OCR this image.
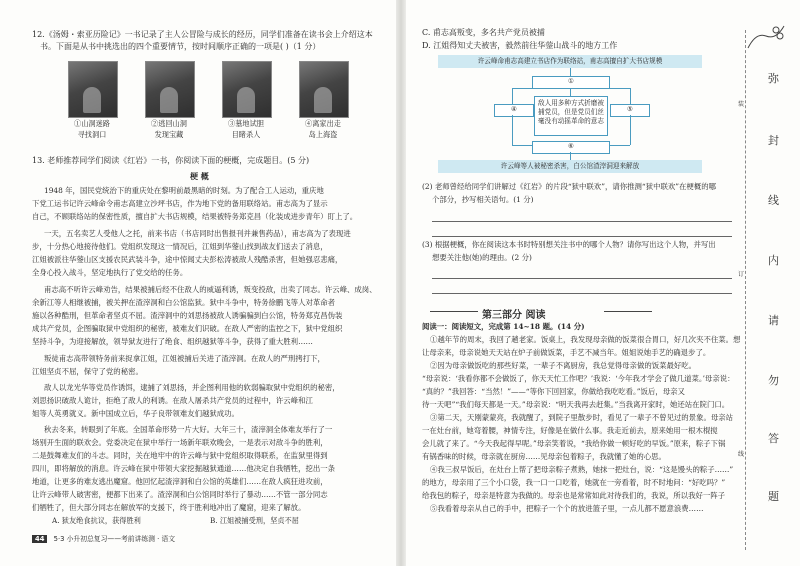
12.《汤姆・索亚历险记》一书记录了主人公冒险与成长的经历，同学们准备在读书会上介绍这本
书。下面是从书中挑选出的四个重要情节，按时间顺序正确的一项是( )（1 分）
①山洞迷路
寻找洞口
②逃回山洞
发现宝藏
③墓地试胆
目睹杀人
④离家出走
岛上海盗
13. 老师推荐同学们阅读《红岩》一书，你阅读下面的梗概，完成题目。(5 分)
梗 概
1948 年，国民党统治下的重庆处在黎明前最黑暗的时刻。为了配合工人运动，重庆地
下党工运书记许云峰命令甫志高建立沙坪书店，作为地下党的备用联络站。甫志高为了显示
自己，不顾联络站的保密性质，擅自扩大书店规模，结果被特务郑克昌（化装成进步青年）盯上了。
一天，五名卖艺人受他人之托，前来书店（书店同时出售报刊并兼售药品），甫志高为了表现进
步，十分热心地接待他们。党组织发现这一情况后，江姐到华蓥山找到战友们送去了消息，
江姐被派往华蓥山区支援农民武装斗争，途中惊闻丈夫彭松涛被敌人残酷杀害，但她强忍悲痛，
全身心投入战斗，坚定地执行了党交给的任务。
甫志高不听许云峰劝告，结果被捕后经不住敌人的威逼利诱，叛变投敌，出卖了同志。许云峰、成岗、
余新江等人相继被捕，被关押在渣滓洞和白公馆监狱。狱中斗争中，特务徐鹏飞等人对革命者
施以各种酷刑，但革命者坚贞不屈。渣滓洞中的刘思扬被敌人诱骗骗到白公馆，特务郑克昌伪装
成共产党员，企图骗取狱中党组织的秘密，被难友们识破。在敌人严密的监控之下，狱中党组织
坚持斗争，为迎接解放，领导狱友进行了绝食、组织越狱等斗争，获得了重大胜利……
叛徒甫志高带领特务前来捉拿江姐，江姐被捕后关进了渣滓洞。在敌人的严刑拷打下，
江姐坚贞不屈，保守了党的秘密。
敌人以龙光华等党员作诱饵，逮捕了刘思扬，并企图利用他的软弱骗取狱中党组织的秘密，
刘思扬识破敌人诡计，拒绝了敌人的利诱。在敌人屠杀共产党员的过程中，许云峰和江
姐等人英勇就义。新中国成立后，华子良带领难友们越狱成功。
秋去冬来，转眼到了年底。全国革命形势一片大好。大年三十，渣滓洞全体难友举行了一
场别开生面的联欢会。党委决定在狱中举行一场新年联欢晚会，一是表示对敌斗争的胜利，
二是鼓舞难友们的斗志。同时，关在地牢中的许云峰与狱中党组织取得联系，在监狱里得到
四川，即将解放的消息。许云峰在狱中带领大家挖掘越狱通道……他决定自我牺牲，挖出一条
地道，让更多的难友逃出魔窟。他回忆起渣滓洞和白公馆的英雄们……在敌人疯狂进攻前，
让许云峰带人破害密，便都下出来了。渣滓洞和白公馆同时举行了暴动……不管一部分同志
们牺牲了，但大部分同志在解放军的支援下，终于胜利地冲出了魔窟，迎来了解放。
A. 狱友绝食抗议，获得胜利	B. 江姐被捕受刑，坚贞不屈
44 5·3 小升初总复习——考前讲练测 · 语文
C. 甫志高叛变，多名共产党员被捕
D. 江姐得知丈夫被害，毅然前往华蓥山战斗的地方工作
许云峰命甫志高建立书店作为联络站，甫志高擅自扩大书店规模
①
④
敌人用多种方式折磨被捕党员，但是党员们丝毫没有动摇革命的意志
⑤
⑥
许云峰等人被秘密杀害，白公馆渣滓洞迎来解放
(2) 老师曾经给同学们讲解过《红岩》的片段“狱中联欢”，请你推测“狱中联欢”在梗概的哪
个部分，抄写相关语句。(1 分)
(3) 根据梗概，你在阅读这本书时特别想关注书中的哪个人物？请你写出这个人物，并写出
想要关注他(她)的理由。(2 分)
第三部分 阅读
阅读一：阅读短文，完成第 14~18 题。(14 分)
①越年节的周末，我回了趟老家。饭桌上，我发现母亲做的饭菜很合胃口，好几次夹不住菜。想
让母亲来，母亲说她天天站在炉子前做饭菜，手艺不减当年。姐姐说她手艺的确退步了。
②因为母亲做饭吃的那些好菜，一辈子不离厨房，我总觉得母亲做的饭菜最好吃。
“母亲说：‘我看你都不会做饭了，你天天忙工作吧？’我说：‘今年我才学会了做几道菜。’母亲说：
“真的？”我回答：“当然！”——“等你下回回家，你做给我吃吃看。”饭后，母亲又
待一天吧”“我们每天都是一天。”母亲说：“明天我再去赶集。”当我离开家时，她还站在院门口。
③第二天，天刚蒙蒙亮，我就醒了，到院子里散步时，看见了一辈子不曾见过的景象。母亲站
一在灶台前，她弯着腰，神情专注，好像是在做什么事。我走近前去，原来她用一根木棍搅
会儿就了来了。“今天我起得早呢。”母亲笑着说，“我给你做一顿好吃的早饭。”原来，粽子下锅
有锅香味的时候，母亲就在厨房……见母亲包着粽子，我就懂了她的心思。
④我三叔早饭后，在灶台上帮了把母亲粽子煮熟，她抹一把灶台，说：“这是馒头的粽子……”
的地方，母亲用了三个小口袋，我一口一口吃着，她就在一旁看着，时不时地问：“好吃吗？”
给我包的粽子，母亲是特意为我做的。母亲也是常常如此对待我们的，我说，所以我好一阵子
⑤我看着母亲从自己的手中，把粽子一个个的放进篮子里，一点儿都不愿意浪费……
弥
封
线
内
请
勿
答
题
装
订
线
